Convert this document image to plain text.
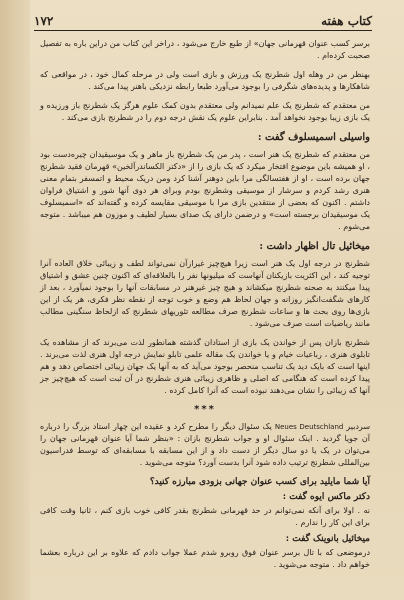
کتاب هفته
۱۷۲

برسر کسب عنوان قهرمانی جهان» از طبع خارج می‌شود ، دراخر این کتاب من دراین باره به تفصیل صحبت کرده‌ام .

بهنظر من در وهله اول شطرنج یک ورزش و بازی است ولی در مرحله کمال خود ، در مواقعی که شاهکارها و پدیده‌های شگرفی را بوجود می‌آورد طبعا رابطه نزدیکی باهنر پیدا می‌کند .

من معتقدم که شطرنج یک علم نمیدانم ولی معتقدم بدون کمک علوم هرگز یک شطرنج باز ورزیده و یک بازی زیبا بوجود نخواهد آمد . بنابراین علوم یک نقش درجه دوم را در شطرنج بازی می‌کند .

واسیلی اسمیسلوف گفت :

من معتقدم که شطرنج یک هنر است ، پدر من یک شطرنج باز ماهر و یک موسیقیدان چیره‌دست بود ، او همیشه باین موضوع افتخار میکرد که یک بازی را از «دکتر الکساندرآلخین» قهرمان فقید شطرنج جهان برده است ، او از هفتسالگی مرا باین دوهنر آشنا کرد ومن دریک محیط و اتمسفر بتمام معنی هنری رشد کردم و سرشار از موسیقی وشطرنج بودم وبرای هر دوی آنها شور و اشتیاق فراوان داشتم . اکنون که بعضی از منتقدین بازی مرا با موسیقی مقایسه کرده و گفته‌اند که «اسمیسلوف یک موسیقیدان برجسته است» و درضمن دارای یک صدای بسیار لطیف و موزون هم میباشد . متوجه می‌شوم .

میخائیل تال اظهار داشت :

شطرنج در درجه اول یک هنر است زیرا هیچ‌چیز غیرازآن نمی‌تواند لطف و زیبائی خلاق العاده آنرا توجیه کند ، این اکثریت بازیکنان آنهاست که میلیونها نفر را بالعلاقه‌ای که اکنون چنین عشق و اشتیاق پیدا میکنند به صحنه شطرنج میکشاند و هیچ چیز غیرهنر در مسابقات آنها را بوجود نمیآورد ، بعد از کارهای شگفت‌انگیز روزانه و جهان لحاظ هم وضع و خوب توجه از نقطه نظر فکری، هر یک از این بازی‌ها روی بحث ها و ساعات شطرنج صرف مطالعه تئوریهای شطرنج که ازلحاظ سنگینی مطالب مانند ریاضیات است صرف می‌شود .

شطرنج بازان پس از خواندن یک بازی از استادان گذشته همانطور لذت می‌برند که از مشاهده یک تابلوی هنری ، رباعیات خیام و یا خواندن یک مقاله علمی تابلو نمایش درجه اول هنری لذت می‌برند . اینها است که بایک دید یک تناسب منحصر بوجود می‌آید که به آنها یک جهان زیبائی اختصاص دهد و هم پیدا کرده است که هنگامی که اصلی و ظاهری زیبائی هنری شطرنج در آن ثبت است که هیچ‌چیز جز آنها که زیبائی را نشان می‌دهند نبوده است که آنرا کامل کرده .

***

سردبیر Neues Deutschland یک سئوال دیگر را مطرح کرد و عقیده این چهار استاد بزرگ را درباره آن جویا گردید . اینک سئوال او و جواب شطرنج بازان : «بنظر شما آیا عنوان قهرمانی جهان را می‌توان در یک یا دو سال دیگر از دست داد و از این مسابقه با مسابقه‌ای که توسط فدراسیون بین‌المللی شطرنج ترتیب داده شود آنرا بدست آورد؟ متوجه می‌شوید .

آیا شما مایلید برای کسب عنوان جهانی بزودی مبارزه کنید؟
دکتر ماکس ایوه گفت :

نه . اولا برای آنکه نمی‌توانم در حد قهرمانی شطرنج بقدر کافی خوب بازی کنم ، ثانیا وقت کافی برای این کار را ندارم .

میخائیل بانوینک گفت :

درموضعی که با تال برسر عنوان فوق روبرو شدم عملا جواب دادم که علاوه بر این درباره بعشما خواهم داد . متوجه می‌شوید .
